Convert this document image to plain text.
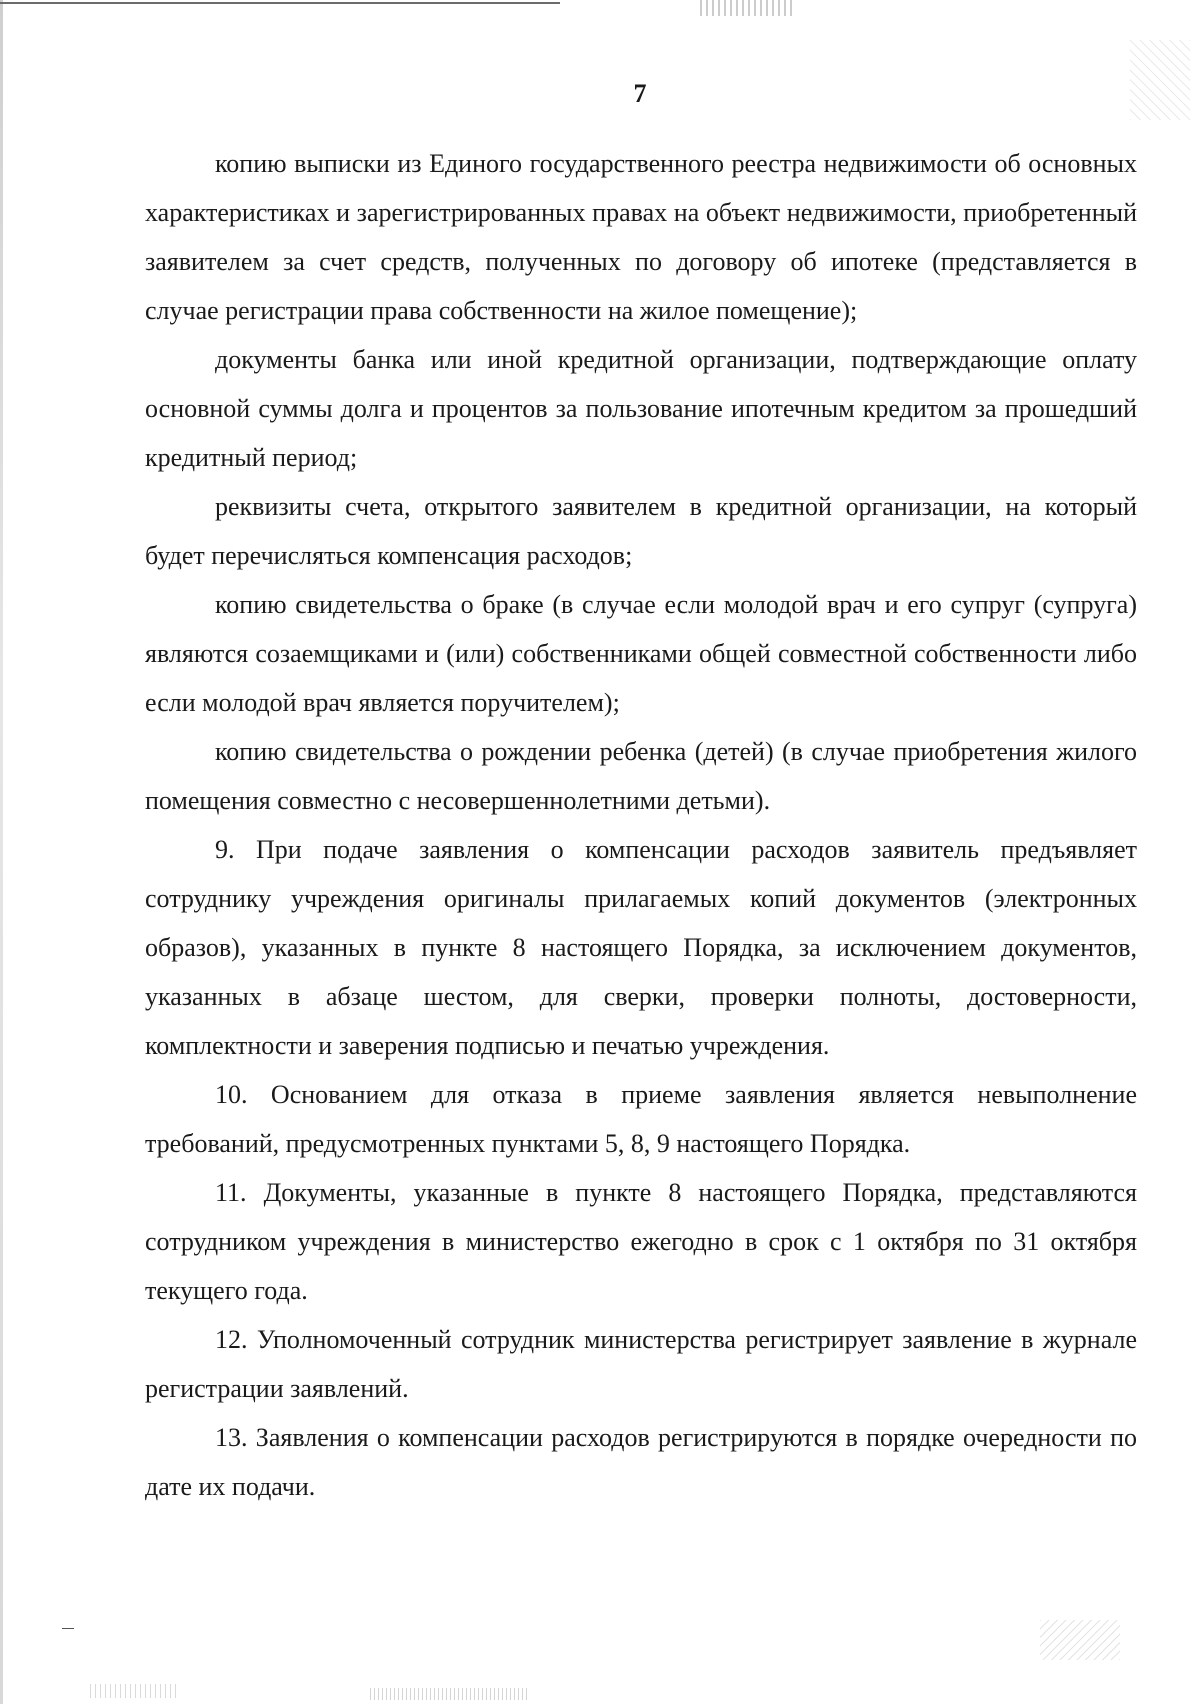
7

копию выписки из Единого государственного реестра недвижимости об основных характеристиках и зарегистрированных правах на объект недвижимости, приобретенный заявителем за счет средств, полученных по договору об ипотеке (представляется в случае регистрации права собственности на жилое помещение);

документы банка или иной кредитной организации, подтверждающие оплату основной суммы долга и процентов за пользование ипотечным кредитом за прошедший кредитный период;

реквизиты счета, открытого заявителем в кредитной организации, на который будет перечисляться компенсация расходов;

копию свидетельства о браке (в случае если молодой врач и его супруг (супруга) являются созаемщиками и (или) собственниками общей совместной собственности либо если молодой врач является поручителем);

копию свидетельства о рождении ребенка (детей) (в случае приобретения жилого помещения совместно с несовершеннолетними детьми).

9. При подаче заявления о компенсации расходов заявитель предъявляет сотруднику учреждения оригиналы прилагаемых копий документов (электронных образов), указанных в пункте 8 настоящего Порядка, за исключением документов, указанных в абзаце шестом, для сверки, проверки полноты, достоверности, комплектности и заверения подписью и печатью учреждения.

10. Основанием для отказа в приеме заявления является невыполнение требований, предусмотренных пунктами 5, 8, 9 настоящего Порядка.

11. Документы, указанные в пункте 8 настоящего Порядка, представляются сотрудником учреждения в министерство ежегодно в срок с 1 октября по 31 октября текущего года.

12. Уполномоченный сотрудник министерства регистрирует заявление в журнале регистрации заявлений.

13. Заявления о компенсации расходов регистрируются в порядке очередности по дате их подачи.
